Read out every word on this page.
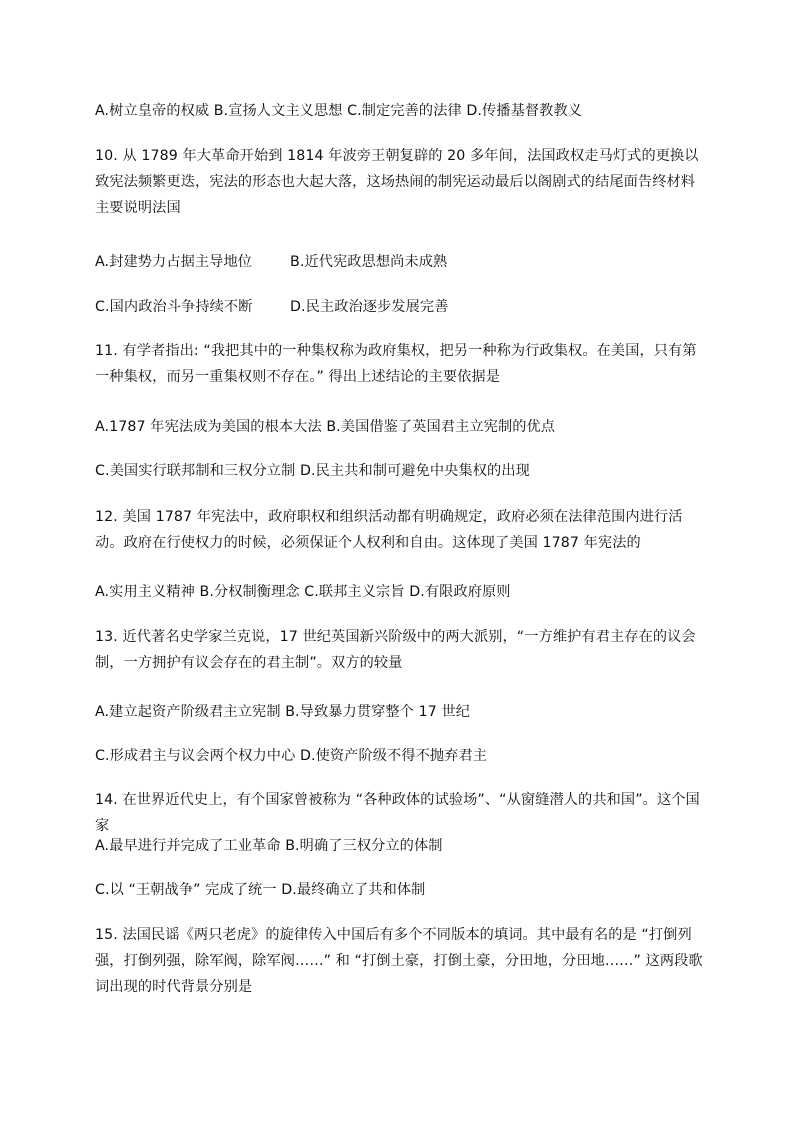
A.树立皇帝的权威 B.宣扬人文主义思想 C.制定完善的法律 D.传播基督教教义
10. 从 1789 年大革命开始到 1814 年波旁王朝复辟的 20 多年间，法国政权走马灯式的更换以致宪法频繁更迭，宪法的形态也大起大落，这场热闹的制宪运动最后以阁剧式的结尾面告终材料主要说明法国
A.封建势力占据主导地位	B.近代宪政思想尚未成熟
C.国内政治斗争持续不断	D.民主政治逐步发展完善
11. 有学者指出: “我把其中的一种集权称为政府集权，把另一种称为行政集权。在美国，只有第一种集权，而另一重集权则不存在。” 得出上述结论的主要依据是
A.1787 年宪法成为美国的根本大法 B.美国借鉴了英国君主立宪制的优点
C.美国实行联邦制和三权分立制 D.民主共和制可避免中央集权的出现
12. 美国 1787 年宪法中，政府职权和组织活动都有明确规定，政府必须在法律范围内进行活动。政府在行使权力的时候，必须保证个人权利和自由。这体现了美国 1787 年宪法的
A.实用主义精神 B.分权制衡理念 C.联邦主义宗旨 D.有限政府原则
13. 近代著名史学家兰克说，17 世纪英国新兴阶级中的两大派别，“一方维护有君主存在的议会制，一方拥护有议会存在的君主制”。双方的较量
A.建立起资产阶级君主立宪制 B.导致暴力贯穿整个 17 世纪
C.形成君主与议会两个权力中心 D.使资产阶级不得不抛弃君主
14. 在世界近代史上，有个国家曾被称为 “各种政体的试验场”、“从窗缝潜人的共和国”。这个国家
A.最早进行并完成了工业革命 B.明确了三权分立的体制
C.以 “王朝战争” 完成了统一 D.最终确立了共和体制
15. 法国民谣《两只老虎》的旋律传入中国后有多个不同版本的填词。其中最有名的是 “打倒列强，打倒列强，除军阀，除军阀……” 和 “打倒土豪，打倒土豪，分田地，分田地……” 这两段歌词出现的时代背景分别是
